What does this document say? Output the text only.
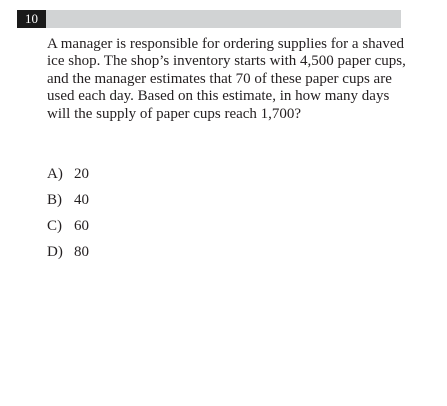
10

A manager is responsible for ordering supplies for a shaved ice shop. The shop’s inventory starts with 4,500 paper cups, and the manager estimates that 70 of these paper cups are used each day. Based on this estimate, in how many days will the supply of paper cups reach 1,700?

A) 20
B) 40
C) 60
D) 80
